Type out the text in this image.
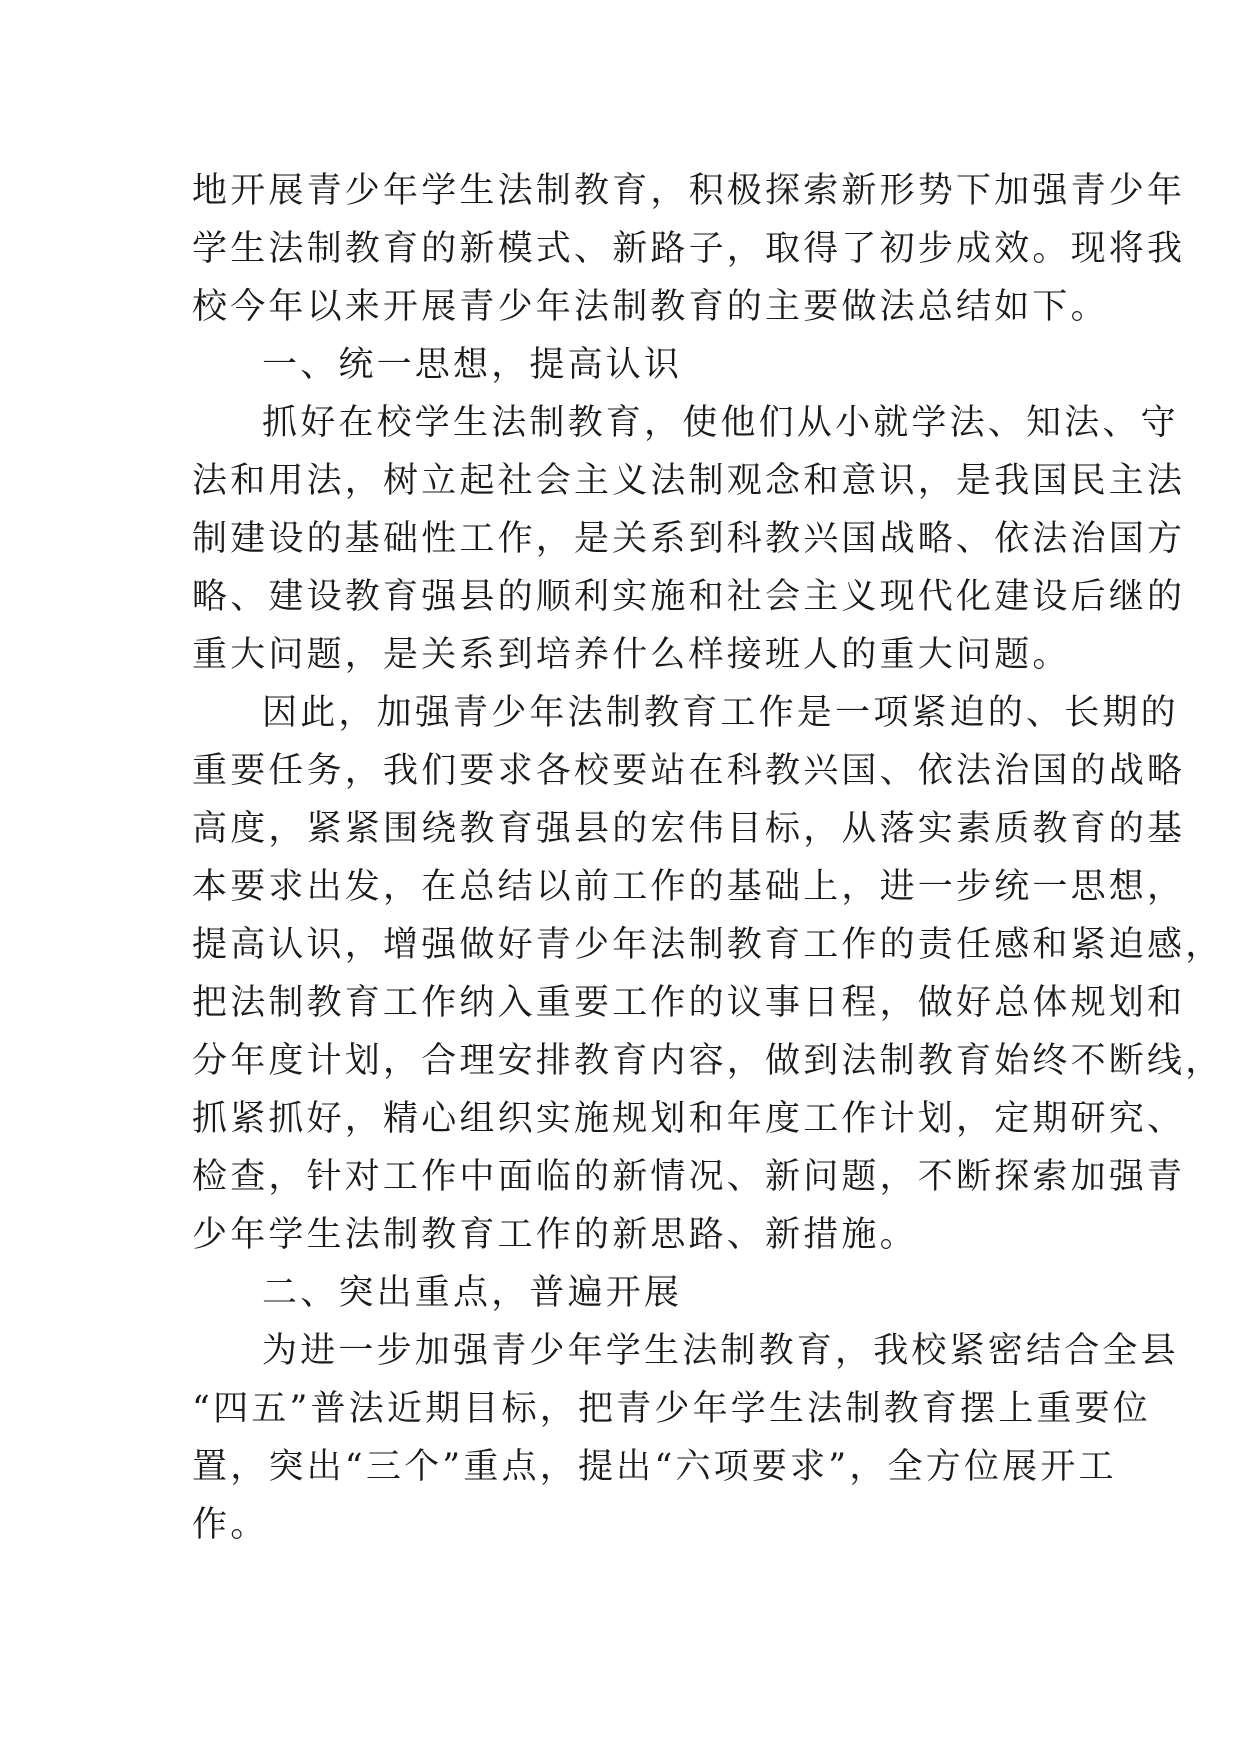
地开展青少年学生法制教育，积极探索新形势下加强青少年
学生法制教育的新模式、新路子，取得了初步成效。现将我
校今年以来开展青少年法制教育的主要做法总结如下。

一、统一思想，提高认识

抓好在校学生法制教育，使他们从小就学法、知法、守
法和用法，树立起社会主义法制观念和意识，是我国民主法
制建设的基础性工作，是关系到科教兴国战略、依法治国方
略、建设教育强县的顺利实施和社会主义现代化建设后继的
重大问题，是关系到培养什么样接班人的重大问题。

因此，加强青少年法制教育工作是一项紧迫的、长期的
重要任务，我们要求各校要站在科教兴国、依法治国的战略
高度，紧紧围绕教育强县的宏伟目标，从落实素质教育的基
本要求出发，在总结以前工作的基础上，进一步统一思想，
提高认识，增强做好青少年法制教育工作的责任感和紧迫感，
把法制教育工作纳入重要工作的议事日程，做好总体规划和
分年度计划，合理安排教育内容，做到法制教育始终不断线，
抓紧抓好，精心组织实施规划和年度工作计划，定期研究、
检查，针对工作中面临的新情况、新问题，不断探索加强青
少年学生法制教育工作的新思路、新措施。

二、突出重点，普遍开展

为进一步加强青少年学生法制教育，我校紧密结合全县
“四五”普法近期目标，把青少年学生法制教育摆上重要位
置，突出“三个”重点，提出“六项要求”，全方位展开工
作。
